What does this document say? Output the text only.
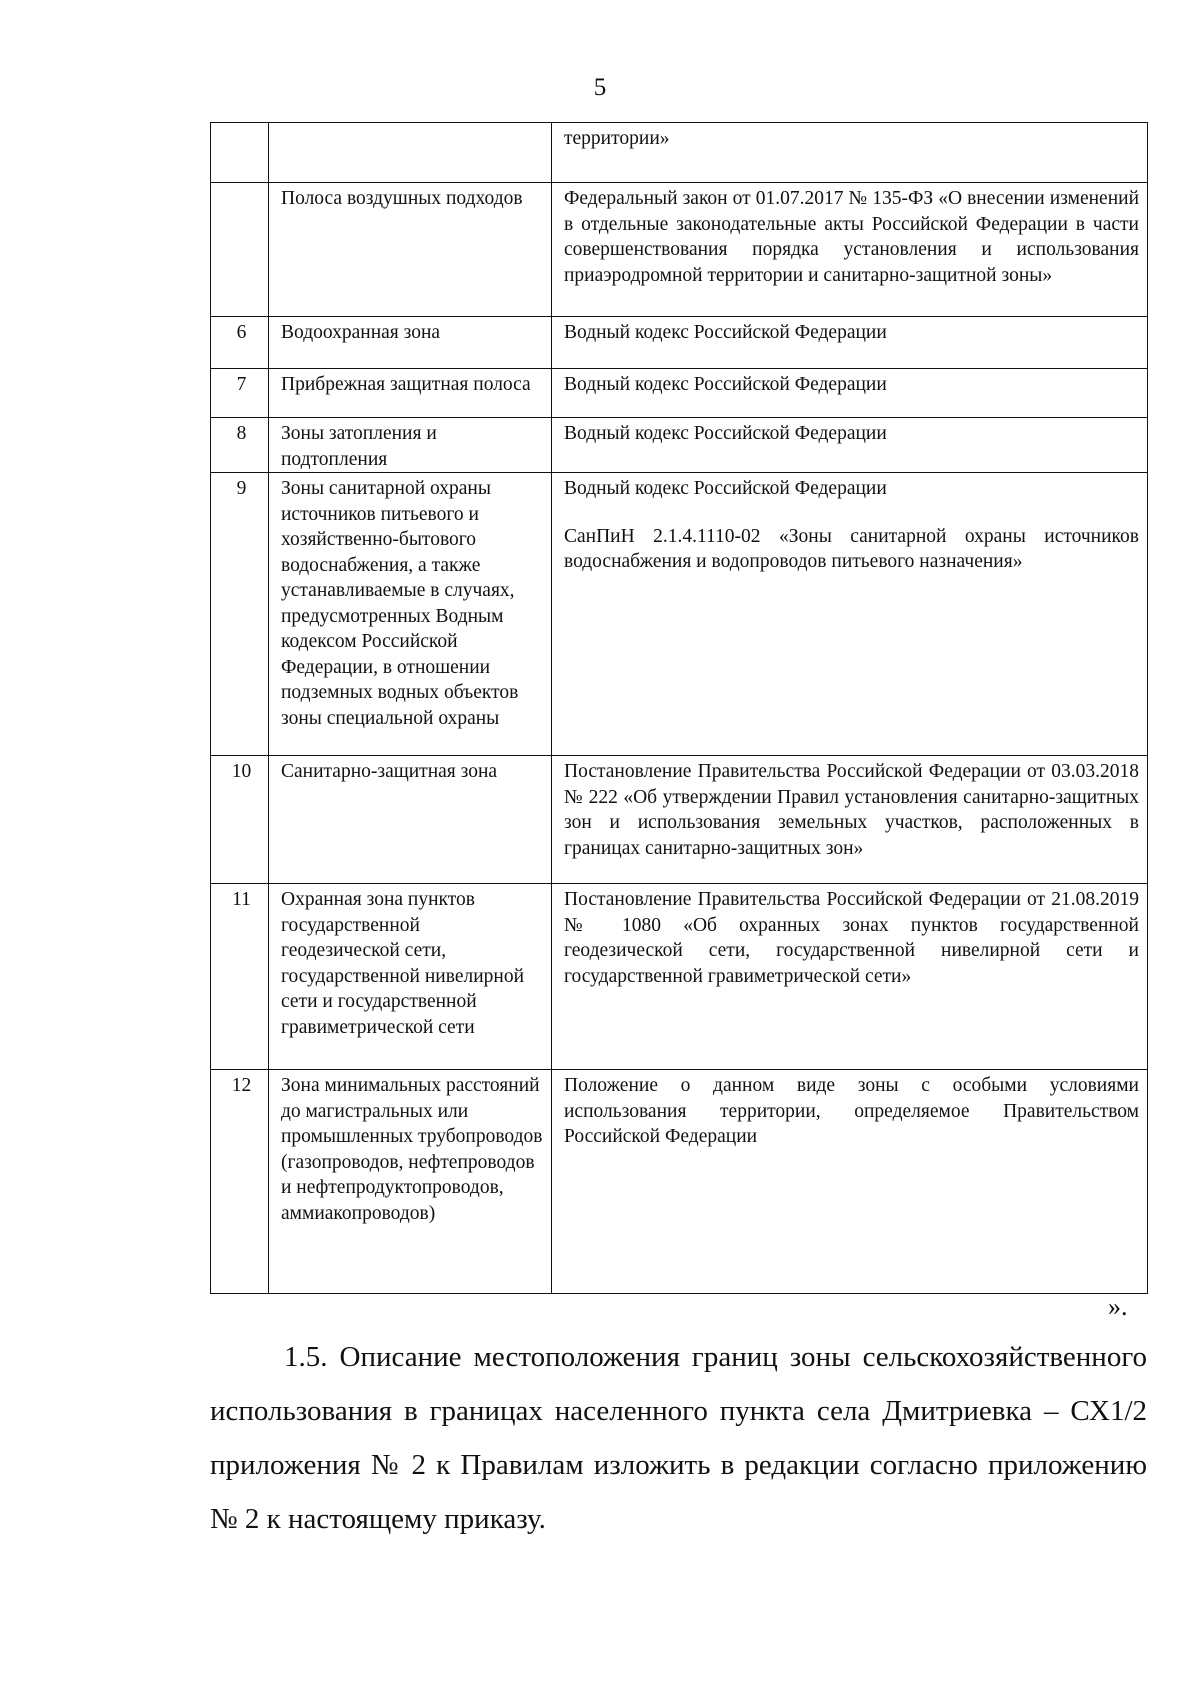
5

		территории»

	Полоса воздушных подходов	Федеральный закон от 01.07.2017 № 135-ФЗ «О внесении изменений в отдельные законодательные акты Российской Федерации в части совершенствования порядка установления и использования приаэродромной территории и санитарно-защитной зоны»

6	Водоохранная зона	Водный кодекс Российской Федерации

7	Прибрежная защитная полоса	Водный кодекс Российской Федерации

8	Зоны затопления и подтопления	Водный кодекс Российской Федерации

9	Зоны санитарной охраны источников питьевого и хозяйственно-бытового водоснабжения, а также устанавливаемые в случаях, предусмотренных Водным кодексом Российской Федерации, в отношении подземных водных объектов зоны специальной охраны	Водный кодекс Российской Федерации
СанПиН 2.1.4.1110-02 «Зоны санитарной охраны источников водоснабжения и водопроводов питьевого назначения»

10	Санитарно-защитная зона	Постановление Правительства Российской Федерации от 03.03.2018 № 222 «Об утверждении Правил установления санитарно-защитных зон и использования земельных участков, расположенных в границах санитарно-защитных зон»

11	Охранная зона пунктов государственной геодезической сети, государственной нивелирной сети и государственной гравиметрической сети	Постановление Правительства Российской Федерации от 21.08.2019 № 1080 «Об охранных зонах пунктов государственной геодезической сети, государственной нивелирной сети и государственной гравиметрической сети»

12	Зона минимальных расстояний до магистральных или промышленных трубопроводов (газопроводов, нефтепроводов и нефтепродуктопроводов, аммиакопроводов)	Положение о данном виде зоны с особыми условиями использования территории, определяемое Правительством Российской Федерации
».

1.5. Описание местоположения границ зоны сельскохозяйственного использования в границах населенного пункта села Дмитриевка – СХ1/2 приложения № 2 к Правилам изложить в редакции согласно приложению № 2 к настоящему приказу.
